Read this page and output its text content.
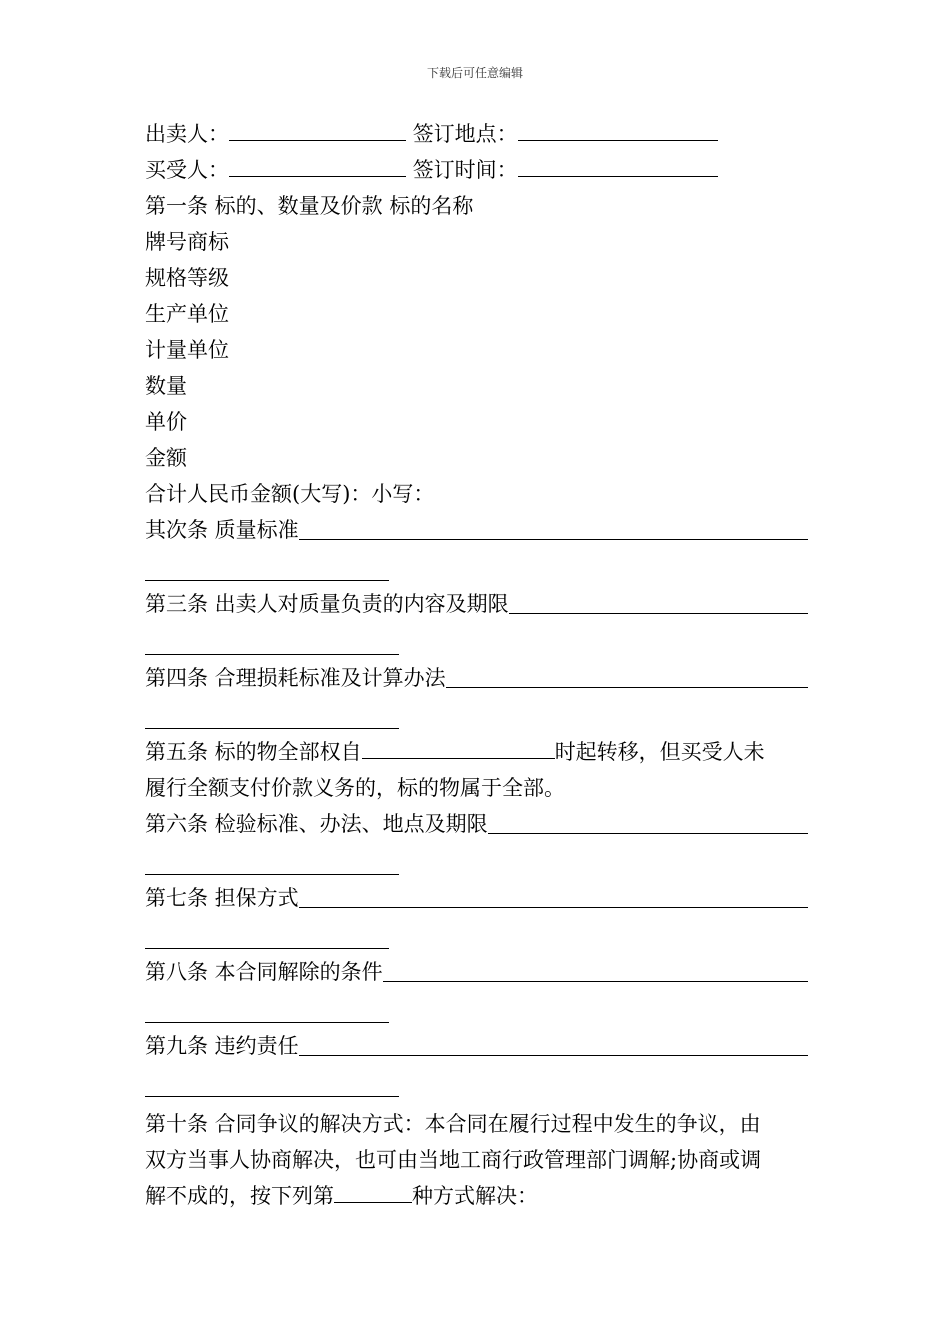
下载后可任意编辑
出卖人：	签订地点：
买受人：	签订时间：
第一条 标的、数量及价款 标的名称
牌号商标
规格等级
生产单位
计量单位
数量
单价
金额
合计人民币金额(大写)：小写：
其次条 质量标准
第三条 出卖人对质量负责的内容及期限
第四条 合理损耗标准及计算办法
第五条 标的物全部权自	时起转移，但买受人未
履行全额支付价款义务的，标的物属于全部。
第六条 检验标准、办法、地点及期限
第七条 担保方式
第八条 本合同解除的条件
第九条 违约责任
第十条 合同争议的解决方式：本合同在履行过程中发生的争议，由
双方当事人协商解决，也可由当地工商行政管理部门调解;协商或调
解不成的，按下列第	种方式解决：
